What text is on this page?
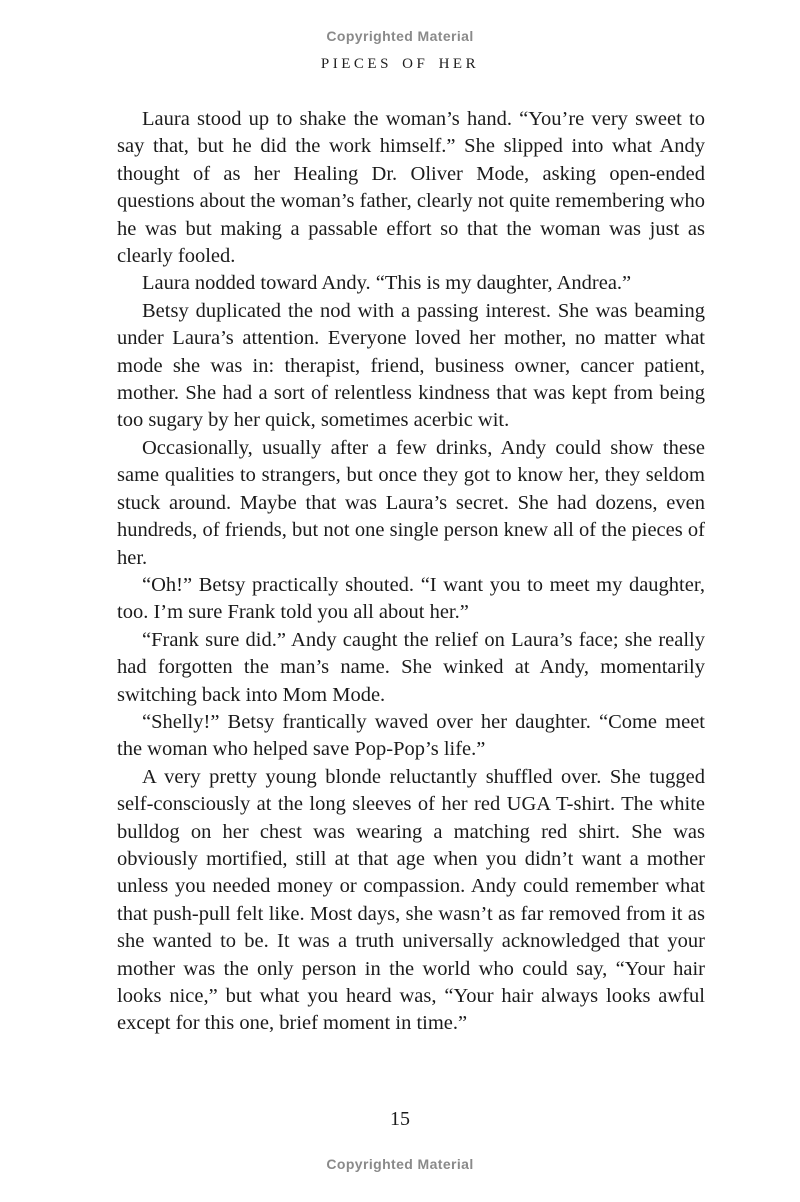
Copyrighted Material
PIECES OF HER

Laura stood up to shake the woman’s hand. “You’re very sweet to say that, but he did the work himself.” She slipped into what Andy thought of as her Healing Dr. Oliver Mode, asking open-ended questions about the woman’s father, clearly not quite remembering who he was but making a passable effort so that the woman was just as clearly fooled.

Laura nodded toward Andy. “This is my daughter, Andrea.”

Betsy duplicated the nod with a passing interest. She was beaming under Laura’s attention. Everyone loved her mother, no matter what mode she was in: therapist, friend, business owner, cancer patient, mother. She had a sort of relentless kindness that was kept from being too sugary by her quick, sometimes acerbic wit.

Occasionally, usually after a few drinks, Andy could show these same qualities to strangers, but once they got to know her, they seldom stuck around. Maybe that was Laura’s secret. She had dozens, even hundreds, of friends, but not one single person knew all of the pieces of her.

“Oh!” Betsy practically shouted. “I want you to meet my daughter, too. I’m sure Frank told you all about her.”

“Frank sure did.” Andy caught the relief on Laura’s face; she really had forgotten the man’s name. She winked at Andy, momentarily switching back into Mom Mode.

“Shelly!” Betsy frantically waved over her daughter. “Come meet the woman who helped save Pop-Pop’s life.”

A very pretty young blonde reluctantly shuffled over. She tugged self-consciously at the long sleeves of her red UGA T-shirt. The white bulldog on her chest was wearing a matching red shirt. She was obviously mortified, still at that age when you didn’t want a mother unless you needed money or compassion. Andy could remember what that push-pull felt like. Most days, she wasn’t as far removed from it as she wanted to be. It was a truth universally acknowledged that your mother was the only person in the world who could say, “Your hair looks nice,” but what you heard was, “Your hair always looks awful except for this one, brief moment in time.”

15
Copyrighted Material
